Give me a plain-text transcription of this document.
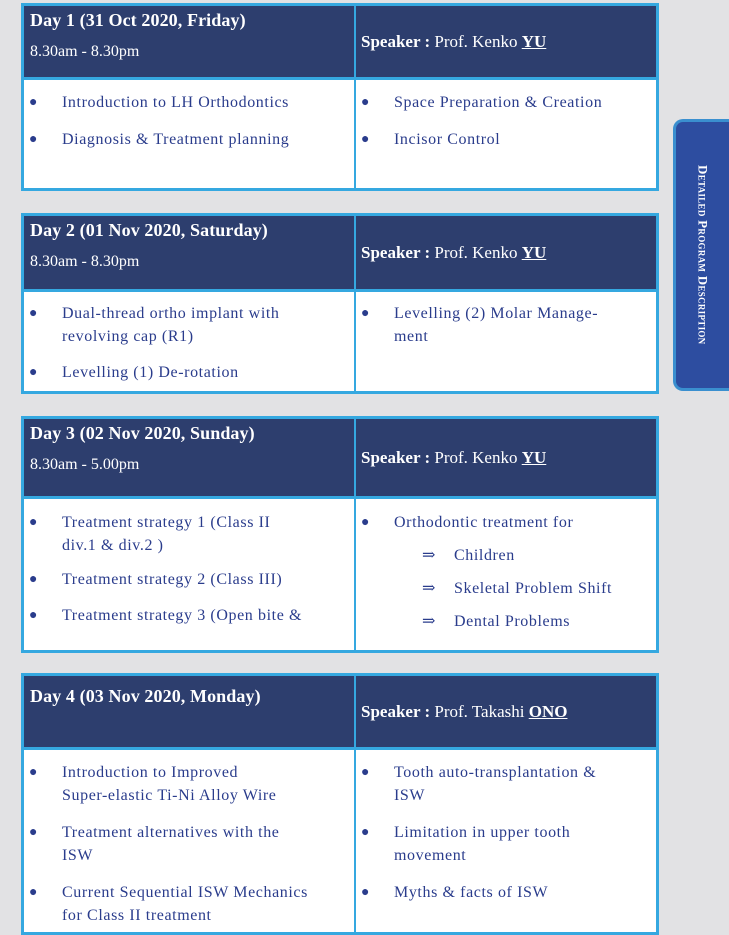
Day 1 (31 Oct 2020, Friday)
8.30am - 8.30pm
Speaker : Prof. Kenko YU
● Introduction to LH Orthodontics
● Diagnosis & Treatment planning
● Space Preparation & Creation
● Incisor Control
Day 2 (01 Nov 2020, Saturday)
8.30am - 8.30pm	Speaker : Prof. Kenko YU
● Dual-thread ortho implant with
revolving cap (R1)
● Levelling (1) De-rotation
● Levelling (2) Molar Manage-
ment
Day 3 (02 Nov 2020, Sunday)
8.30am - 5.00pm	Speaker : Prof. Kenko YU
● Treatment strategy 1 (Class II
div.1 & div.2 )
● Treatment strategy 2 (Class III)
● Treatment strategy 3 (Open bite &
● Orthodontic treatment for
⇒ Children
⇒ Skeletal Problem Shift
⇒ Dental Problems
Day 4 (03 Nov 2020, Monday)
Speaker : Prof. Takashi ONO
● Introduction to Improved
Super-elastic Ti-Ni Alloy Wire
● Treatment alternatives with the
ISW
● Current Sequential ISW Mechanics
for Class II treatment
● Tooth auto-transplantation &
ISW
● Limitation in upper tooth
movement
● Myths & facts of ISW
Detailed Program Description
